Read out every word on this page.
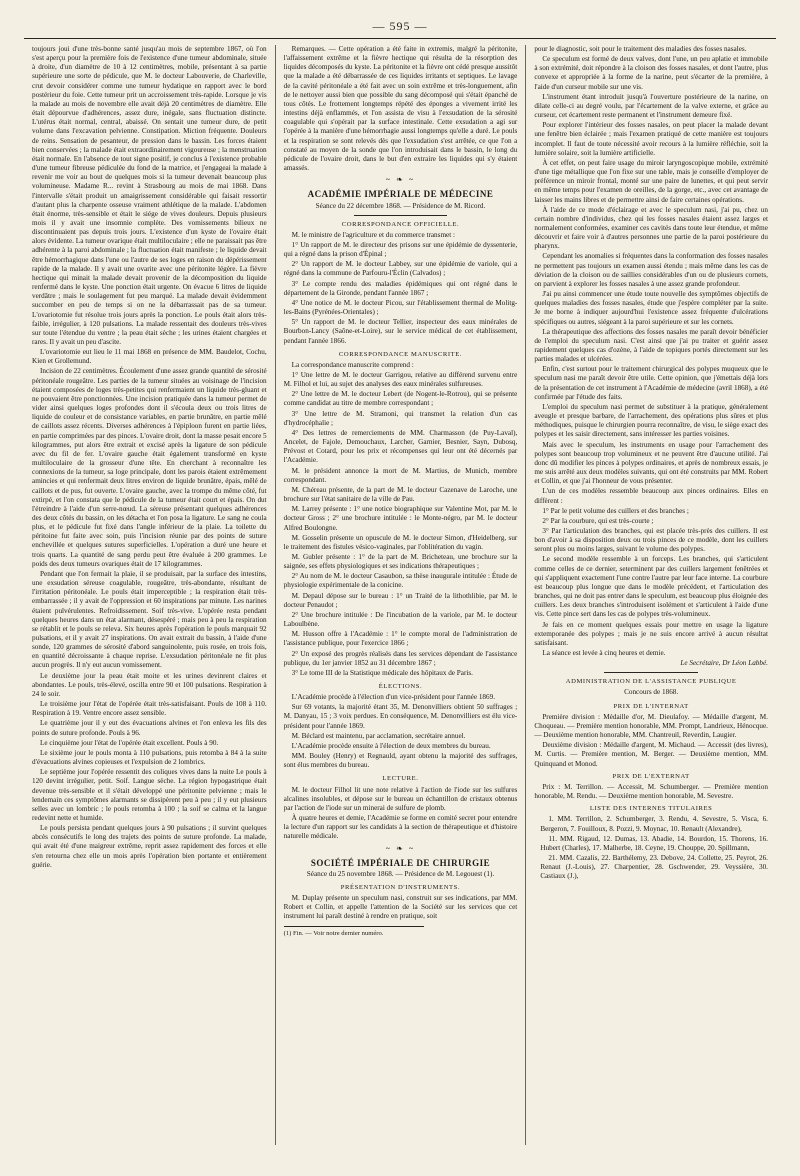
— 595 —

toujours joui d'une très-bonne santé jusqu'au mois de septembre 1867, où l'on s'est aperçu pour la première fois de l'existence d'une tumeur abdominale, située à droite, d'un diamètre de 10 à 12 centimètres, mobile, présentant à sa partie supérieure une sorte de pédicule, que M. le docteur Labouverie, de Charleville, crut devoir considérer comme une tumeur hydatique en rapport avec le bord postérieur du foie. Cette tumeur prit un accroissement très-rapide. Lorsque je vis la malade au mois de novembre elle avait déjà 20 centimètres de diamètre. Elle était dépourvue d'adhérences, assez dure, inégale, sans fluctuation distincte. L'utérus était normal, central, abaissé. On sentait une tumeur dure, de petit volume dans l'excavation pelvienne. Constipation. Miction fréquente. Douleurs de reins. Sensation de pesanteur, de pression dans le bassin. Les forces étaient bien conservées ; la malade était extraordinairement vigoureuse ; la menstruation était normale. En l'absence de tout signe positif, je conclus à l'existence probable d'une tumeur fibreuse pédiculée du fond de la matrice, et j'engageai la malade à revenir me voir au bout de quelques mois si la tumeur devenait beaucoup plus volumineuse. Madame R... revint à Strasbourg au mois de mai 1868. Dans l'intervalle s'était produit un amaigrissement considérable qui faisait ressortir d'autant plus la charpente osseuse vraiment athlétique de la malade. L'abdomen était énorme, très-sensible et était le siége de vives douleurs. Depuis plusieurs mois il y avait une insomnie complète. Des vomissements bilieux ne discontinuaient pas depuis trois jours. L'existence d'un kyste de l'ovaire était alors évidente. La tumeur ovarique était multiloculaire ; elle ne paraissait pas être adhérente à la paroi abdominale ; la fluctuation était manifeste ; le liquide devait être hémorrhagique dans l'une ou l'autre de ses loges en raison du dépérissement rapide de la malade. Il y avait une ovarite avec une péritonite légère. La fièvre hectique qui minait la malade devait provenir de la décomposition du liquide renfermé dans le kyste. Une ponction était urgente. On évacue 6 litres de liquide verdâtre ; mais le soulagement fut peu marqué. La malade devait évidemment succomber en peu de temps si on ne la débarrassait pas de sa tumeur. L'ovariotomie fut résolue trois jours après la ponction. Le pouls était alors très-faible, irrégulier, à 120 pulsations. La malade ressentait des douleurs très-vives sur toute l'étendue du ventre ; la peau était sèche ; les urines étaient chargées et rares. Il y avait un peu d'ascite.

L'ovariotomie eut lieu le 11 mai 1868 en présence de MM. Baudelot, Cochu, Kien et Grollemund.

Incision de 22 centimètres. Écoulement d'une assez grande quantité de sérosité péritonéale rougeâtre. Les parties de la tumeur situées au voisinage de l'incision étaient composées de loges très-petites qui renfermaient un liquide très-gluant et ne pouvaient être ponctionnées. Une incision pratiquée dans la tumeur permet de vider ainsi quelques loges profondes dont il s'écoula deux ou trois litres de liquide de couleur et de consistance variables, en partie brunâtre, en partie mêlé de caillots assez récents. Diverses adhérences à l'épiploon furent en partie liées, en partie comprimées par des pinces. L'ovaire droit, dont la masse pesait encore 5 kilogrammes, put alors être extrait et excisé après la ligature de son pédicule avec du fil de fer. L'ovaire gauche était également transformé en kyste multiloculaire de la grosseur d'une tête. En cherchant à reconnaître les connexions de la tumeur, sa loge principale, dont les parois étaient extrêmement amincies et qui renfermait deux litres environ de liquide brunâtre, épais, mêlé de caillots et de pus, fut ouverte. L'ovaire gauche, avec la trompe du même côté, fut extirpé, et l'on constata que le pédicule de la tumeur était court et épais. On dut l'étreindre à l'aide d'un serre-nœud. La séreuse présentant quelques adhérences des deux côtés du bassin, on les détacha et l'on posa la ligature. Le sang ne coula plus, et le pédicule fut fixé dans l'angle inférieur de la plaie. La toilette du péritoine fut faite avec soin, puis l'incision réunie par des points de suture enchevillée et quelques sutures superficielles. L'opération a duré une heure et trois quarts. La quantité de sang perdu peut être évaluée à 200 grammes. Le poids des deux tumeurs ovariques était de 17 kilogrammes.

Pendant que l'on fermait la plaie, il se produisait, par la surface des intestins, une exsudation séreuse coagulable, rougeâtre, très-abondante, résultant de l'irritation péritonéale. Le pouls était imperceptible ; la respiration était très-embarrassée ; il y avait de l'oppression et 60 inspirations par minute. Les narines étaient pulvérulentes. Refroidissement. Soif très-vive. L'opérée resta pendant quelques heures dans un état alarmant, désespéré ; mais peu à peu la respiration se rétablit et le pouls se releva. Six heures après l'opération le pouls marquait 92 pulsations, et il y avait 27 inspirations. On avait extrait du bassin, à l'aide d'une sonde, 120 grammes de sérosité d'abord sanguinolente, puis rosée, en trois fois, en quantité décroissante à chaque reprise. L'exsudation péritonéale ne fit plus aucun progrès. Il n'y eut aucun vomissement.

Le deuxième jour la peau était moite et les urines devinrent claires et abondantes. Le pouls, très-élevé, oscilla entre 90 et 100 pulsations. Respiration à 24 le soir.

Le troisième jour l'état de l'opérée était très-satisfaisant. Pouls de 108 à 110. Respiration à 19. Ventre encore assez sensible.

Le quatrième jour il y eut des évacuations alvines et l'on enleva les fils des points de suture profonde. Pouls à 96.

Le cinquième jour l'état de l'opérée était excellent. Pouls à 90.

Le sixième jour le pouls monta à 110 pulsations, puis retomba à 84 à la suite d'évacuations alvines copieuses et l'expulsion de 2 lombrics.

Le septième jour l'opérée ressentit des coliques vives dans la nuite Le pouls à 120 devint irrégulier, petit. Soif. Langue sèche. La région hypogastrique était devenue très-sensible et il s'était développé une péritonite pelvienne ; mais le lendemain ces symptômes alarmants se dissipèrent peu à peu ; il y eut plusieurs selles avec un lombric ; le pouls retomba à 100 ; la soif se calma et la langue redevint nette et humide.

Le pouls persista pendant quelques jours à 90 pulsations ; il survint quelques abcès consécutifs le long des trajets des points de suture profonde. La malade, qui avait été d'une maigreur extrême, reprit assez rapidement des forces et elle s'en retourna chez elle un mois après l'opération bien portante et entièrement guérie.

Remarques. — Cette opération a été faite in extremis, malgré la péritonite, l'affaissement extrême et la fièvre hectique qui résulta de la résorption des liquides décomposés du kyste. La péritonite et la fièvre ont cédé presque aussitôt que la malade a été débarrassée de ces liquides irritants et septiques. Le lavage de la cavité péritonéale a été fait avec un soin extrême et très-longuement, afin de le nettoyer aussi bien que possible du sang décomposé qui s'était épanché de tous côtés. Le frottement longtemps répété des éponges a vivement irrité les intestins déjà enflammés, et l'on assista de visu à l'exsudation de la sérosité coagulable qui s'opérait par la surface intestinale. Cette exsudation a agi sur l'opérée à la manière d'une hémorrhagie aussi longtemps qu'elle a duré. Le pouls et la respiration se sont relevés dès que l'exsudation s'est arrêtée, ce que l'on a constaté au moyen de la sonde que l'on introduisait dans le bassin, le long du pédicule de l'ovaire droit, dans le but d'en extraire les liquides qui s'y étaient amassés.

~ ❧ ~
ACADÉMIE IMPÉRIALE DE MÉDECINE
Séance du 22 décembre 1868. — Présidence de M. Ricord.
CORRESPONDANCE OFFICIELLE.

M. le ministre de l'agriculture et du commerce transmet :

1° Un rapport de M. le directeur des prisons sur une épidémie de dyssenterie, qui a régné dans la prison d'Épinal ;

2° Un rapport de M. le docteur Labbey, sur une épidémie de variole, qui a régné dans la commune de Parfouru-l'Éclin (Calvados) ;

3° Le compte rendu des maladies épidémiques qui ont régné dans le département de la Gironde, pendant l'année 1867 ;

4° Une notice de M. le docteur Picou, sur l'établissement thermal de Molitg-les-Bains (Pyrénées-Orientales) ;

5° Un rapport de M. le docteur Tellier, inspecteur des eaux minérales de Bourbon-Lancy (Saône-et-Loire), sur le service médical de cet établissement, pendant l'année 1866.

CORRESPONDANCE MANUSCRITE.

La correspondance manuscrite comprend :

1° Une lettre de M. le docteur Garrigou, relative au différend survenu entre M. Filhol et lui, au sujet des analyses des eaux minérales sulfureuses.

2° Une lettre de M. le docteur Lebert (de Nogent-le-Rotrou), qui se présente comme candidat au titre de membre correspondant ;

3° Une lettre de M. Stramoni, qui transmet la relation d'un cas d'hydrocéphalie ;

4° Des lettres de remerciements de MM. Charmasson (de Puy-Laval), Ancelet, de Fajole, Demouchaux, Larcher, Garnier, Besnier, Sayn, Dubosq, Prévost et Cotard, pour les prix et récompenses qui leur ont été décernés par l'Académie.

M. le président annonce la mort de M. Martius, de Munich, membre correspondant.

M. Chéreau présente, de la part de M. le docteur Cazenave de Laroche, une brochure sur l'état sanitaire de la ville de Pau.

M. Larrey présente : 1° une notice biographique sur Valentine Mot, par M. le docteur Gross ; 2° une brochure intitulée : le Monte-négro, par M. le docteur Alfred Boulongne.

M. Gosselin présente un opuscule de M. le docteur Simon, d'Heidelberg, sur le traitement des fistules vésico-vaginales, par l'oblitération du vagin.

M. Gubler présente : 1° de la part de M. Bricheteau, une brochure sur la saignée, ses effets physiologiques et ses indications thérapeutiques ;

2° Au nom de M. le docteur Casaubon, sa thèse inaugurale intitulée : Étude de physiologie expérimentale de la conicine.

M. Depaul dépose sur le bureau : 1° un Traité de la lithothlibie, par M. le docteur Penaudot ;

2° Une brochure intitulée : De l'incubation de la variole, par M. le docteur Laboulbène.

M. Husson offre à l'Académie : 1° le compte moral de l'administration de l'assistance publique, pour l'exercice 1866 ;

2° Un exposé des progrès réalisés dans les services dépendant de l'assistance publique, du 1er janvier 1852 au 31 décembre 1867 ;

3° Le tome III de la Statistique médicale des hôpitaux de Paris.

ÉLECTIONS.

L'Académie procède à l'élection d'un vice-président pour l'année 1869.

Sur 69 votants, la majorité étant 35, M. Denonvilliers obtient 50 suffrages ; M. Danyau, 15 ; 3 voix perdues. En conséquence, M. Denonvilliers est élu vice-président pour l'année 1869.

M. Béclard est maintenu, par acclamation, secrétaire annuel.

L'Académie procède ensuite à l'élection de deux membres du bureau.

MM. Bouley (Henry) et Regnauld, ayant obtenu la majorité des suffrages, sont élus membres du bureau.

LECTURE.

M. le docteur Filhol lit une note relative à l'action de l'iode sur les sulfures alcalines insolubles, et dépose sur le bureau un échantillon de cristaux obtenus par l'action de l'iode sur un minerai de sulfure de plomb.

À quatre heures et demie, l'Académie se forme en comité secret pour entendre la lecture d'un rapport sur les candidats à la section de thérapeutique et d'histoire naturelle médicale.

~ ❧ ~
SOCIÉTÉ IMPÉRIALE DE CHIRURGIE
Séance du 25 novembre 1868. — Présidence de M. Legouest (1).
PRÉSENTATION D'INSTRUMENTS.

M. Duplay présente un speculum nasi, construit sur ses indications, par MM. Robert et Collin, et appelle l'attention de la Société sur les services que cet instrument lui paraît destiné à rendre en pratique, soit

(1) Fin. — Voir notre dernier numéro.

pour le diagnostic, soit pour le traitement des maladies des fosses nasales.

Ce speculum est formé de deux valves, dont l'une, un peu aplatie et immobile à son extrémité, doit répondre à la cloison des fosses nasales, et dont l'autre, plus convexe et appropriée à la forme de la narine, peut s'écarter de la première, à l'aide d'un curseur mobile sur une vis.

L'instrument étant introduit jusqu'à l'ouverture postérieure de la narine, on dilate celle-ci au degré voulu, par l'écartement de la valve externe, et grâce au curseur, cet écartement reste permanent et l'instrument demeure fixé.

Pour explorer l'intérieur des fosses nasales, on peut placer la malade devant une fenêtre bien éclairée ; mais l'examen pratiqué de cette manière est toujours incomplet. Il faut de toute nécessité avoir recours à la lumière réfléchie, soit la lumière solaire, soit la lumière artificielle.

À cet effet, on peut faire usage du miroir laryngoscopique mobile, extrémité d'une tige métallique que l'on fixe sur une table, mais je conseille d'employer de préférence un miroir frontal, monté sur une paire de lunettes, et qui peut servir en même temps pour l'examen de oreilles, de la gorge, etc., avec cet avantage de laisser les mains libres et de permettre ainsi de faire certaines opérations.

À l'aide de ce mode d'éclairage et avec le speculum nasi, j'ai pu, chez un certain nombre d'individus, chez qui les fosses nasales étaient assez larges et normalement conformées, examiner ces cavités dans toute leur étendue, et même découvrir et faire voir à d'autres personnes une partie de la paroi postérieure du pharynx.

Cependant les anomalies si fréquentes dans la conformation des fosses nasales ne permettent pas toujours un examen aussi étendu ; mais même dans les cas de déviation de la cloison ou de saillies considérables d'un ou de plusieurs cornets, on parvient à explorer les fosses nasales à une assez grande profondeur.

J'ai pu ainsi commencer une étude toute nouvelle des symptômes objectifs de quelques maladies des fosses nasales, étude que j'espère compléter par la suite. Je me borne à indiquer aujourd'hui l'existence assez fréquente d'ulcérations spécifiques ou autres, siégeant à la paroi supérieure et sur les cornets.

La thérapeutique des affections des fosses nasales me paraît devoir bénéficier de l'emploi du speculum nasi. C'est ainsi que j'ai pu traiter et guérir assez rapidement quelques cas d'ozène, à l'aide de topiques portés directement sur les parties malades et ulcérées.

Enfin, c'est surtout pour le traitement chirurgical des polypes muqueux que le speculum nasi me paraît devoir être utile. Cette opinion, que j'émettais déjà lors de la présentation de cet instrument à l'Académie de médecine (avril 1868), a été confirmée par l'étude des faits.

L'emploi du speculum nasi permet de substituer à la pratique, généralement aveugle et presque barbare, de l'arrachement, des opérations plus sûres et plus méthodiques, puisque le chirurgien pourra reconnaître, de visu, le siège exact des polypes et les saisir directement, sans intéresser les parties voisines.

Mais avec le speculum, les instruments en usage pour l'arrachement des polypes sont beaucoup trop volumineux et ne peuvent être d'aucune utilité. J'ai donc dû modifier les pinces à polypes ordinaires, et après de nombreux essais, je me suis arrêté aux deux modèles suivants, qui ont été construits par MM. Robert et Collin, et que j'ai l'honneur de vous présenter.

L'un de ces modèles ressemble beaucoup aux pinces ordinaires. Elles en diffèrent :

1° Par le petit volume des cuillers et des branches ;

2° Par la courbure, qui est très-courte ;

3° Par l'articulation des branches, qui est placée très-près des cuillers. Il est bon d'avoir à sa disposition deux ou trois pinces de ce modèle, dont les cuillers seront plus ou moins larges, suivant le volume des polypes.

Le second modèle ressemble à un forceps. Les branches, qui s'articulent comme celles de ce dernier, seterminent par des cuillers largement fenêtrées et qui s'appliquent exactement l'une contre l'autre par leur face interne. La courbure est beaucoup plus longue que dans le modèle précédent, et l'articulation des branches, qui ne doit pas entrer dans le speculum, est beaucoup plus éloignée des cuillers. Les deux branches s'introduisent isolément et s'articulent à l'aide d'une vis. Cette pince sert dans les cas de polypes très-volumineux.

Je fais en ce moment quelques essais pour mettre en usage la ligature extemporanée des polypes ; mais je ne suis encore arrivé à aucun résultat satisfaisant.

La séance est levée à cinq heures et demie.

Le Secrétaire, Dr Léon Labbé.

ADMINISTRATION DE L'ASSISTANCE PUBLIQUE
Concours de 1868.
PRIX DE L'INTERNAT

Première division : Médaille d'or, M. Dieulafoy. — Médaille d'argent, M. Choqueau. — Première mention honorable, MM. Prompt, Landrieux, Hénocque. — Deuxième mention honorable, MM. Chantreuil, Reverdin, Laugier.

Deuxième division : Médaille d'argent, M. Michaud. — Accessit (des livres), M. Curtis. — Première mention, M. Berger. — Deuxième mention, MM. Quinquand et Monod.

PRIX DE L'EXTERNAT

Prix : M. Terrillon. — Accessit, M. Schumberger. — Première mention honorable, M. Rendu. — Deuxième mention honorable, M. Sevestre.

LISTE DES INTERNES TITULAIRES

1. MM. Terrillon, 2. Schumberger, 3. Rendu, 4. Sevestre, 5. Visca, 6. Bergeron, 7. Fouilloux, 8. Pozzi, 9. Moynac, 10. Renault (Alexandre),

11. MM. Rigaud, 12. Dumas, 13. Abadie, 14. Bourdon, 15. Thorens, 16. Hubert (Charles), 17. Malherbe, 18. Ceyne, 19. Chouppe, 20. Spillmann,

21. MM. Cazalis, 22. Barthélemy, 23. Debove, 24. Collette, 25. Peyrot, 26. Renaut (J.-Louis), 27. Charpentier, 28. Gschwender, 29. Veyssière, 30. Castiaux (J.),
